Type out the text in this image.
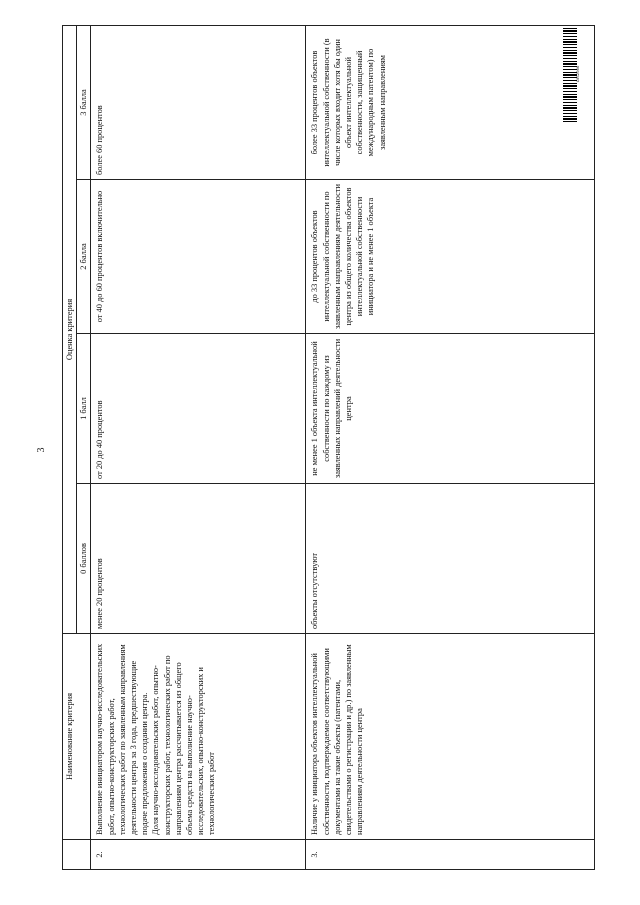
3
	Наименование критерия	Оценка критерия			
		0 баллов	1 балл	2 балла	3 балла
2.	Выполнение инициатором научно-исследовательских работ, опытно-конструкторских работ, технологических работ по заявленным направлениям деятельности центра за 3 года, предшествующие подаче предложения о создании центра.
Доля научно-исследовательских работ, опытно-конструкторских работ, технологических работ по направлениям центра рассчитывается из общего объема средств на выполнение научно-исследовательских, опытно-конструкторских и технологических работ	менее 20 процентов	от 20 до 40 процентов	от 40 до 60 процентов включительно	более 60 процентов
3.	Наличие у инициатора объектов интеллектуальной собственности, подтверждаемое соответствующими документами на такие объекты (патентами, свидетельствами о регистрации и др.) по заявленным направлениям деятельности центра	объекты отсутствуют	не менее 1 объекта интеллектуальной собственности по каждому из заявленных направлений деятельности центра	до 33 процентов объектов интеллектуальной собственности по заявленным направлениям деятельности центра из общего количества объектов интеллектуальной собственности инициатора и не менее 1 объекта	более 33 процентов объектов интеллектуальной собственности (в числе которых входит хотя бы один объект интеллектуальной собственности, защищенный международным патентом) по заявленным направлениям	1052006
